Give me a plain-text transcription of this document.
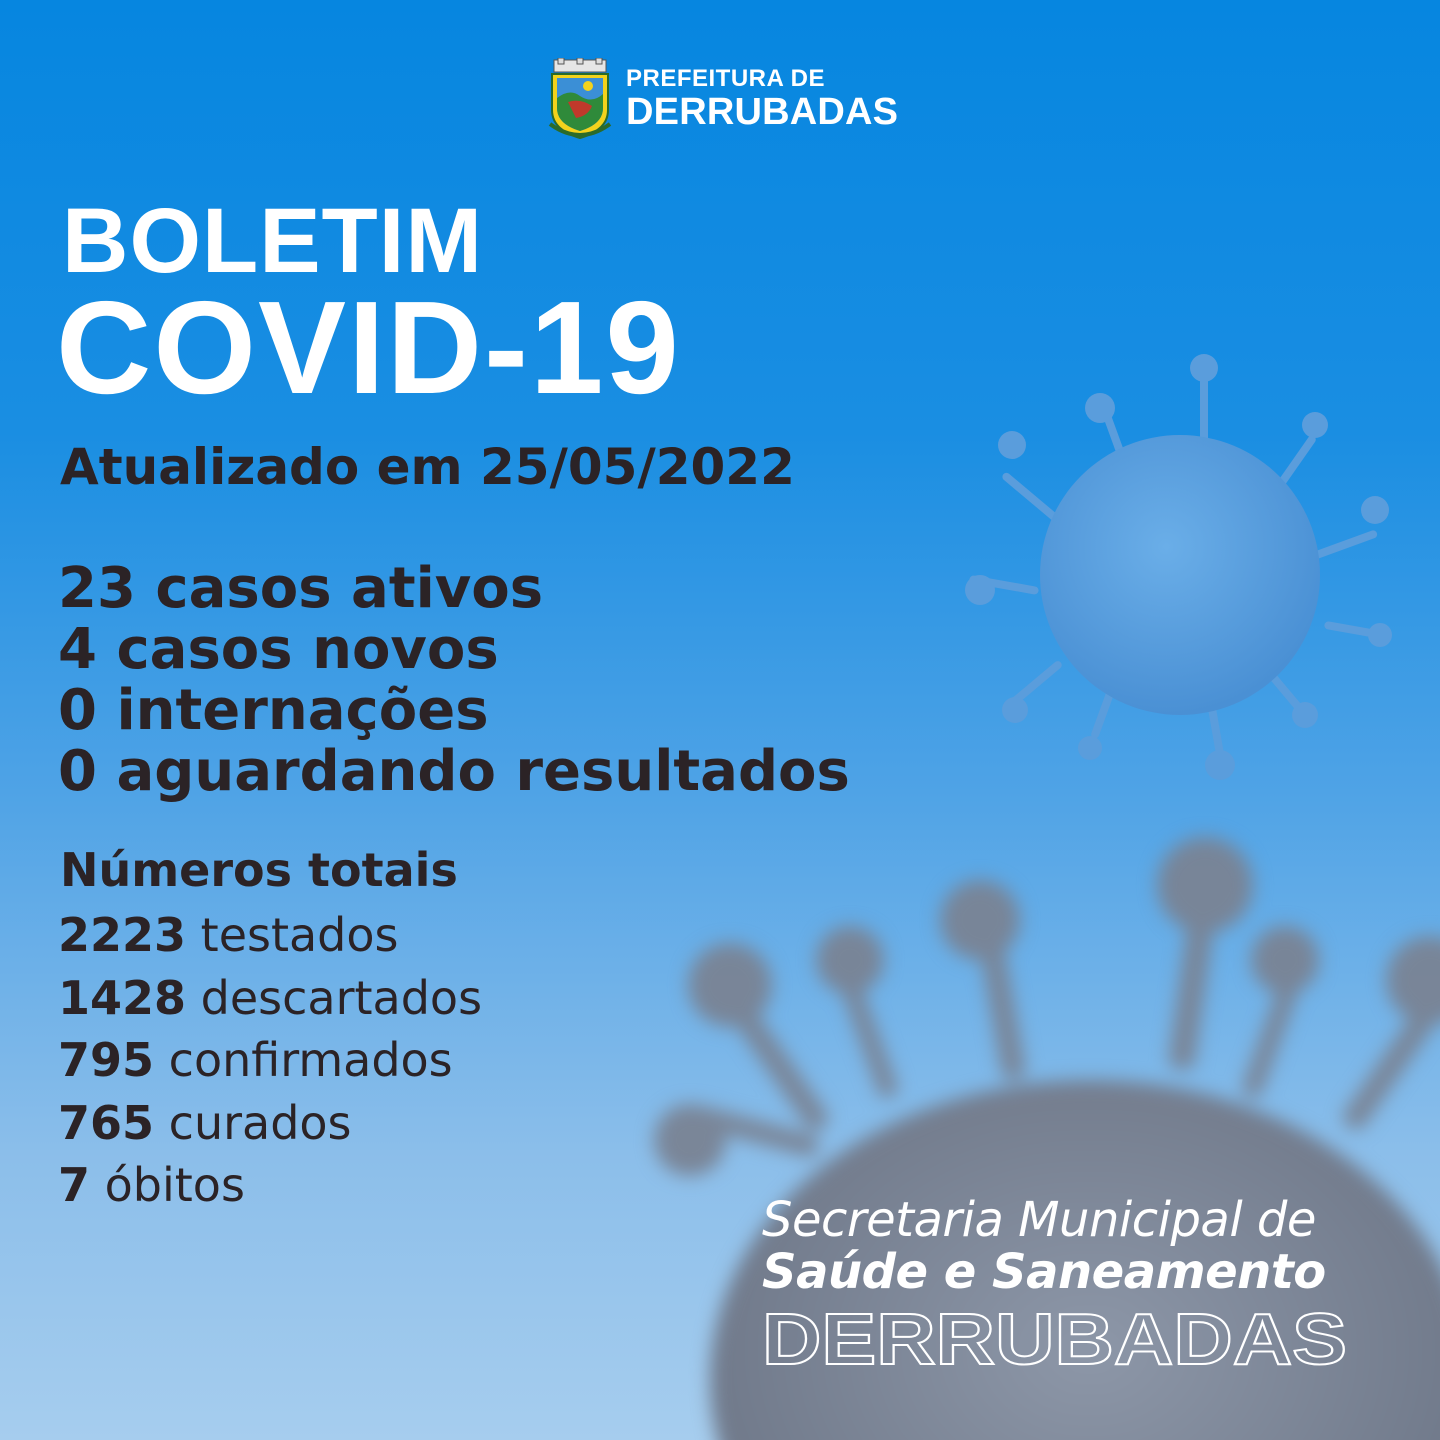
PREFEITURA DE
DERRUBADAS
BOLETIM
COVID-19
Atualizado em 25/05/2022
23 casos ativos
4 casos novos
0 internações
0 aguardando resultados
Números totais
2223 testados
1428 descartados
795 confirmados
765 curados
7 óbitos
Secretaria Municipal de
Saúde e Saneamento
DERRUBADAS
